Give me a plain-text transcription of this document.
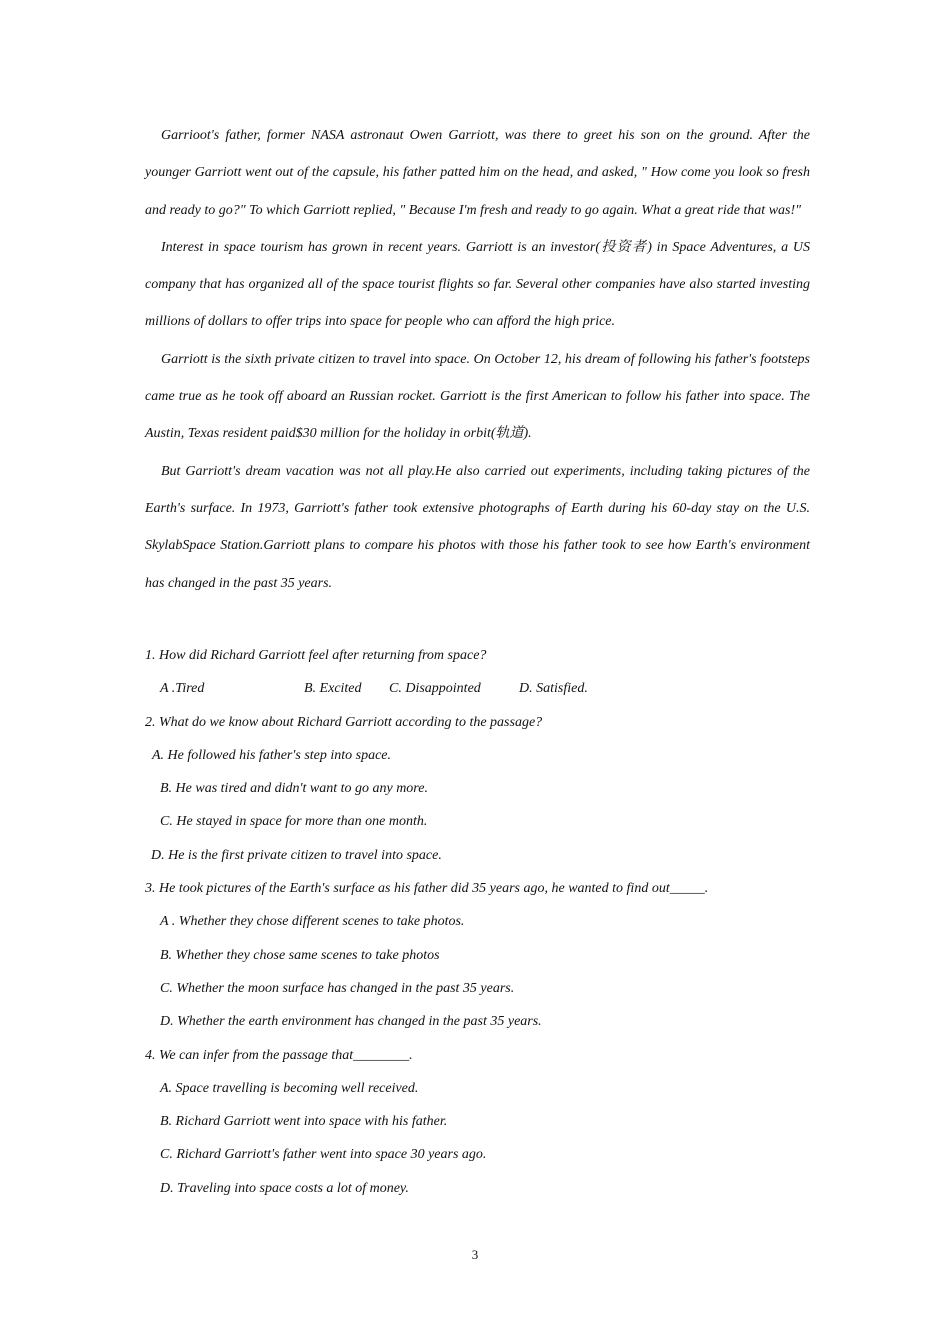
Garrioot's father, former NASA astronaut Owen Garriott, was there to greet his son on the ground. After the younger Garriott went out of the capsule, his father patted him on the head, and asked, " How come you look so fresh and ready to go?" To which Garriott replied, " Because I'm fresh and ready to go again. What a great ride that was!"

Interest in space tourism has grown in recent years. Garriott is an investor(投资者) in Space Adventures, a US company that has organized all of the space tourist flights so far. Several other companies have also started investing millions of dollars to offer trips into space for people who can afford the high price.

Garriott is the sixth private citizen to travel into space. On October 12, his dream of following his father's footsteps came true as he took off aboard an Russian rocket. Garriott is the first American to follow his father into space. The Austin, Texas resident paid$30 million for the holiday in orbit(轨道).

But Garriott's dream vacation was not all play.He also carried out experiments, including taking pictures of the Earth's surface. In 1973, Garriott's father took extensive photographs of Earth during his 60-day stay on the U.S. SkylabSpace Station.Garriott plans to compare his photos with those his father took to see how Earth's environment has changed in the past 35 years.

1. How did Richard Garriott feel after returning from space?
A .Tired	B. Excited C. Disappointed	D. Satisfied.
2. What do we know about Richard Garriott according to the passage?
A. He followed his father's step into space.
B. He was tired and didn't want to go any more.
C. He stayed in space for more than one month.
D. He is the first private citizen to travel into space.
3. He took pictures of the Earth's surface as his father did 35 years ago, he wanted to find out_____.
A . Whether they chose different scenes to take photos.
B. Whether they chose same scenes to take photos
C. Whether the moon surface has changed in the past 35 years.
D. Whether the earth environment has changed in the past 35 years.
4. We can infer from the passage that________.
A. Space travelling is becoming well received.
B. Richard Garriott went into space with his father.
C. Richard Garriott's father went into space 30 years ago.
D. Traveling into space costs a lot of money.
3
